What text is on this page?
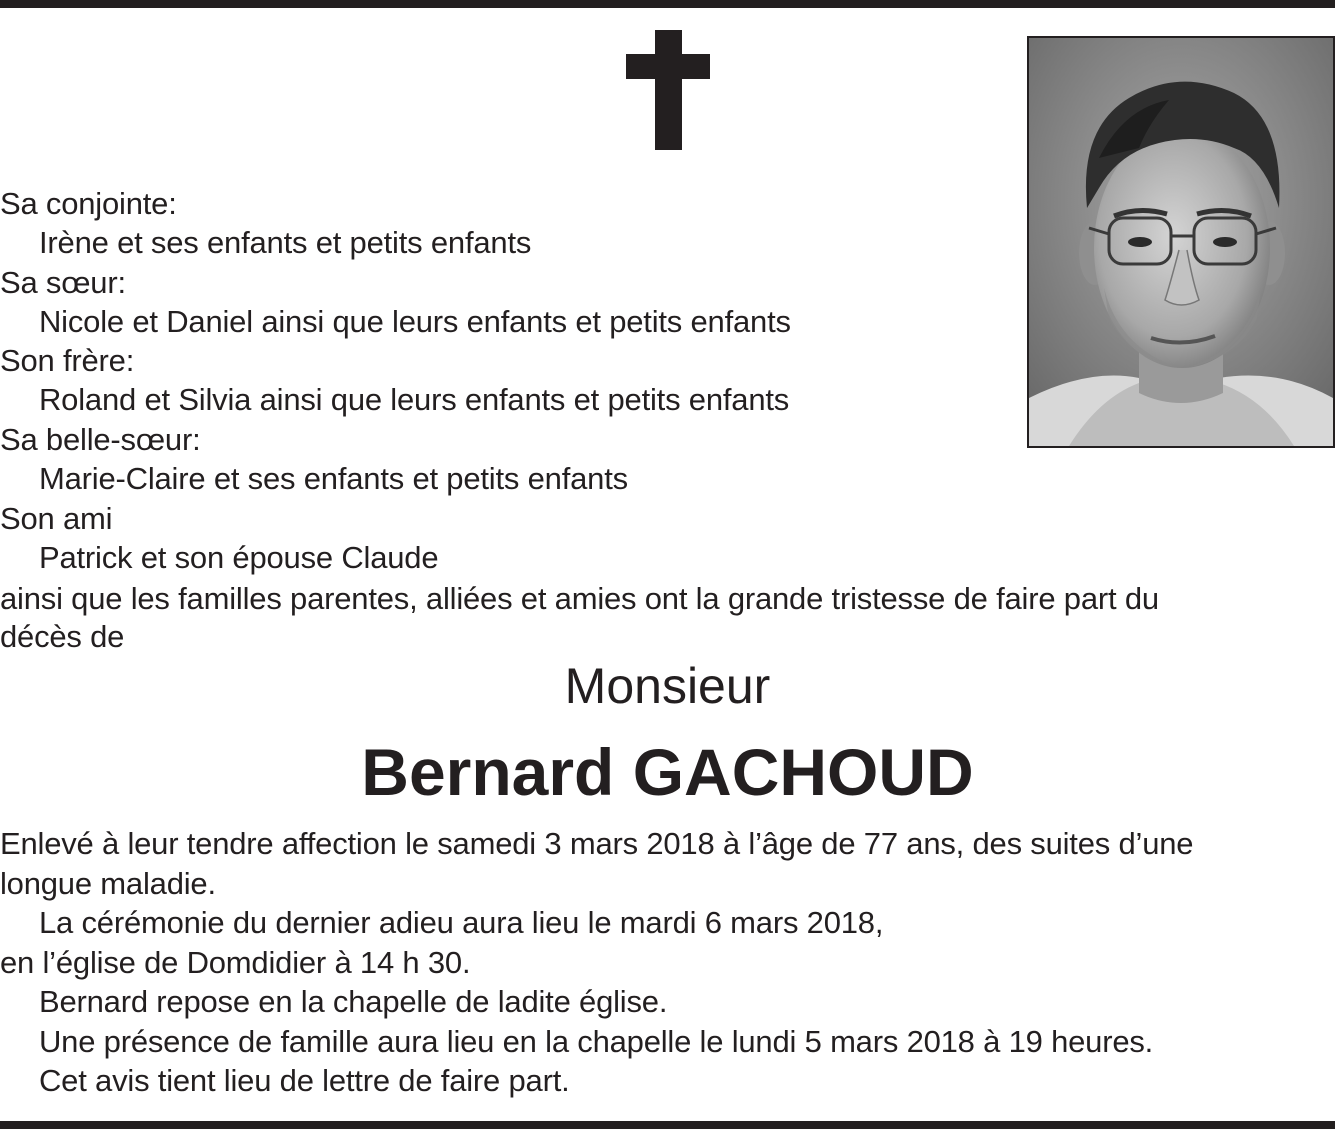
Sa conjointe:
Irène et ses enfants et petits enfants
Sa sœur:
Nicole et Daniel ainsi que leurs enfants et petits enfants
Son frère:
Roland et Silvia ainsi que leurs enfants et petits enfants
Sa belle-sœur:
Marie-Claire et ses enfants et petits enfants
Son ami
Patrick et son épouse Claude
ainsi que les familles parentes, alliées et amies ont la grande tristesse de faire part du
décès de
Monsieur
Bernard GACHOUD
Enlevé à leur tendre affection le samedi 3 mars 2018 à l’âge de 77 ans, des suites d’une
longue maladie.
La cérémonie du dernier adieu aura lieu le mardi 6 mars 2018,
en l’église de Domdidier à 14 h 30.
Bernard repose en la chapelle de ladite église.
Une présence de famille aura lieu en la chapelle le lundi 5 mars 2018 à 19 heures.
Cet avis tient lieu de lettre de faire part.
